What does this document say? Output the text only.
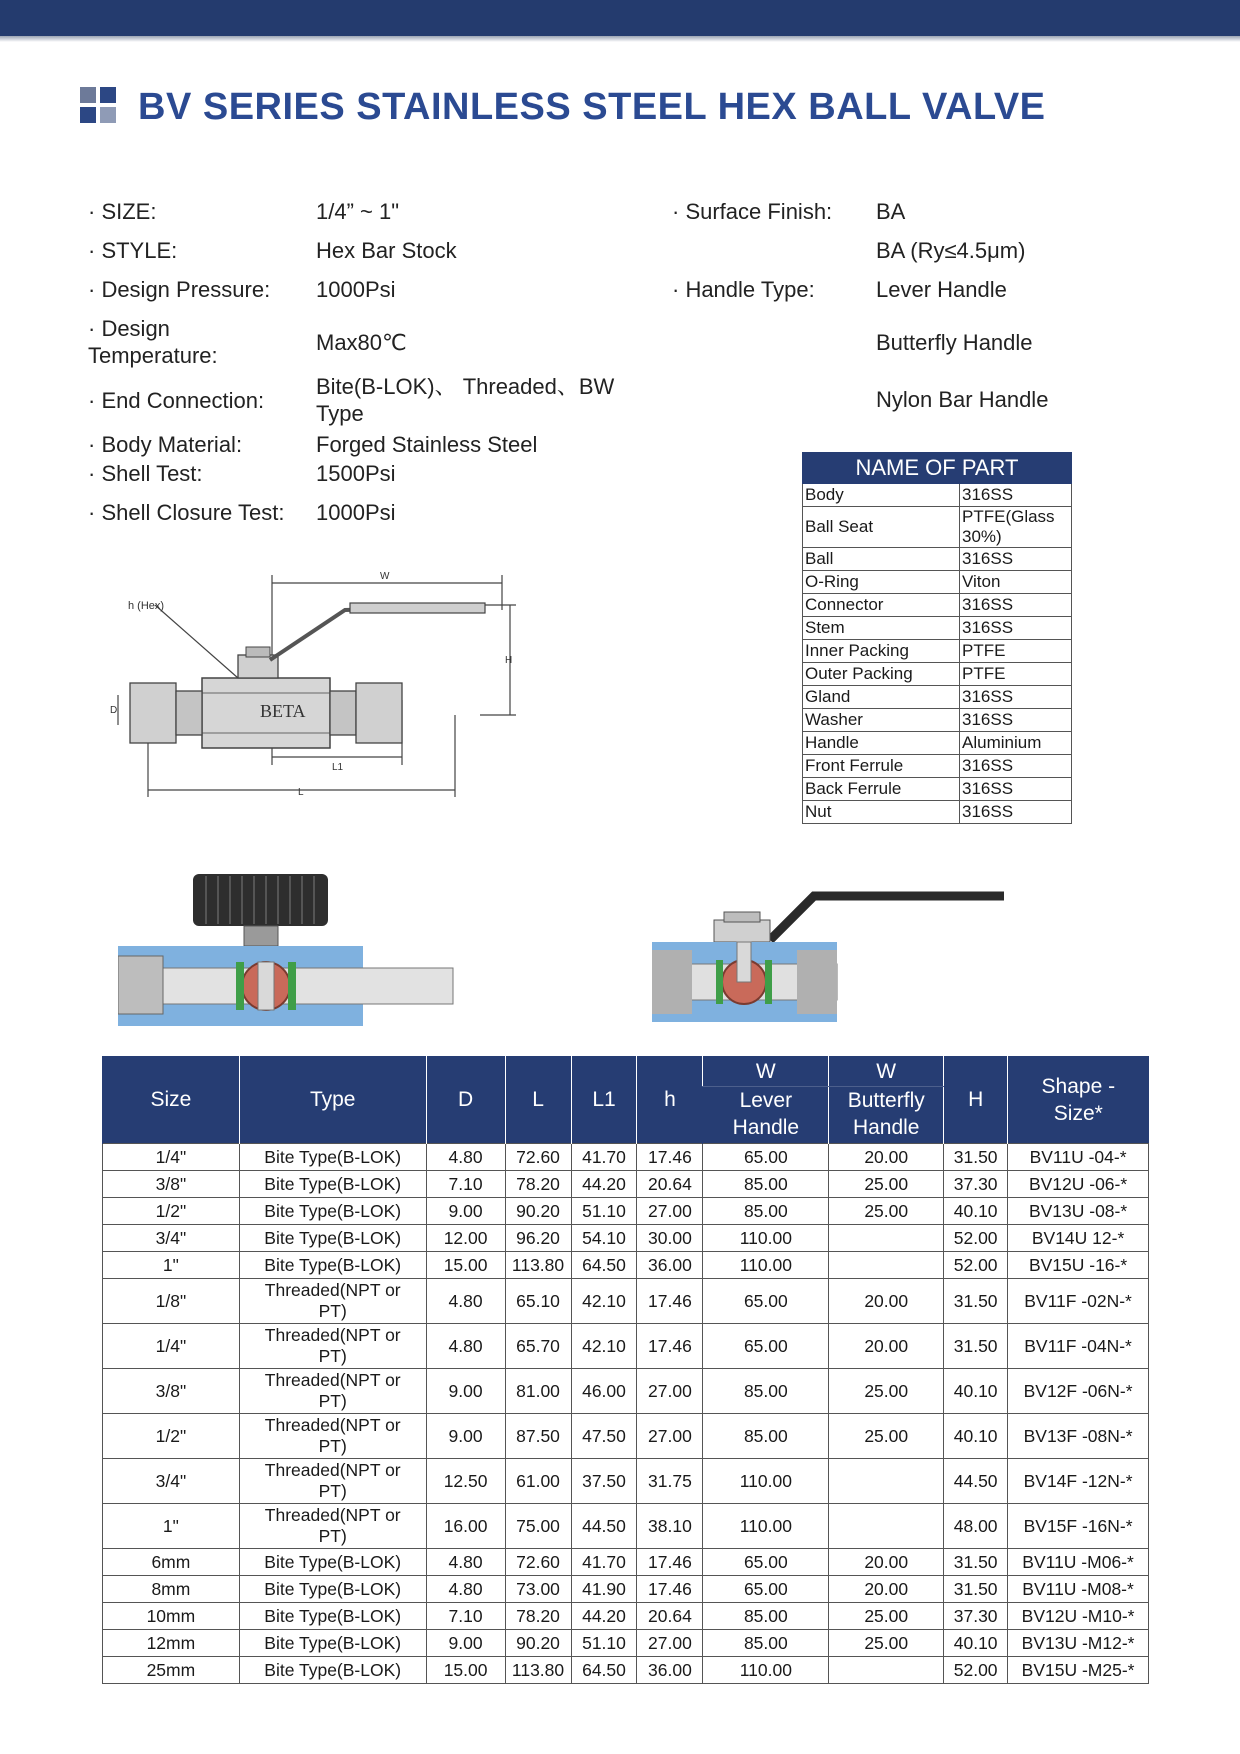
BV SERIES STAINLESS STEEL HEX BALL VALVE
· SIZE:	1/4” ~ 1"
· STYLE:	Hex Bar Stock
· Design Pressure: 1000Psi
· Design
Temperature:
Max80℃
· End Connection:
Bite(B-LOK)、 Threaded、BW
Type
· Body Material:	Forged Stainless Steel
· Shell Test:	1500Psi
· Shell Closure Test: 1000Psi
· Surface Finish: BA
BA (Ry≤4.5μm)
· Handle Type:	Lever Handle
Butterfly Handle
Nylon Bar Handle
NAME OF PART	
Body	316SS
Ball Seat	PTFE(Glass
30%)
Ball	316SS
O-Ring	Viton
Connector	316SS
Stem	316SS
Inner Packing	PTFE
Outer Packing	PTFE
Gland	316SS
Washer	316SS
Handle	Aluminium
Front Ferrule	316SS
Back Ferrule	316SS
Nut	316SS
h (Hex)
W
H
D
L1
L
BETA
Size	Type	D	L	L1	h	W	W	H	Shape -
Size*
						Lever	Butterfly		
						Handle	Handle		
1/4"	Bite Type(B-LOK)	4.80	72.60	41.70	17.46	65.00	20.00	31.50	BV11U -04-*
3/8"	Bite Type(B-LOK)	7.10	78.20	44.20	20.64	85.00	25.00	37.30	BV12U -06-*
1/2"	Bite Type(B-LOK)	9.00	90.20	51.10	27.00	85.00	25.00	40.10	BV13U -08-*
3/4"	Bite Type(B-LOK)	12.00	96.20	54.10	30.00	110.00		52.00	BV14U 12-*
1"	Bite Type(B-LOK)	15.00	113.80	64.50	36.00	110.00		52.00	BV15U -16-*
1/8"	Threaded(NPT or
PT)	4.80	65.10	42.10	17.46	65.00	20.00	31.50	BV11F -02N-*
1/4"	Threaded(NPT or
PT)	4.80	65.70	42.10	17.46	65.00	20.00	31.50	BV11F -04N-*
3/8"	Threaded(NPT or
PT)	9.00	81.00	46.00	27.00	85.00	25.00	40.10	BV12F -06N-*
1/2"	Threaded(NPT or
PT)	9.00	87.50	47.50	27.00	85.00	25.00	40.10	BV13F -08N-*
3/4"	Threaded(NPT or
PT)	12.50	61.00	37.50	31.75	110.00		44.50	BV14F -12N-*
1"	Threaded(NPT or
PT)	16.00	75.00	44.50	38.10	110.00		48.00	BV15F -16N-*
6mm	Bite Type(B-LOK)	4.80	72.60	41.70	17.46	65.00	20.00	31.50	BV11U -M06-*
8mm	Bite Type(B-LOK)	4.80	73.00	41.90	17.46	65.00	20.00	31.50	BV11U -M08-*
10mm	Bite Type(B-LOK)	7.10	78.20	44.20	20.64	85.00	25.00	37.30	BV12U -M10-*
12mm	Bite Type(B-LOK)	9.00	90.20	51.10	27.00	85.00	25.00	40.10	BV13U -M12-*
25mm	Bite Type(B-LOK)	15.00	113.80	64.50	36.00	110.00		52.00	BV15U -M25-*
